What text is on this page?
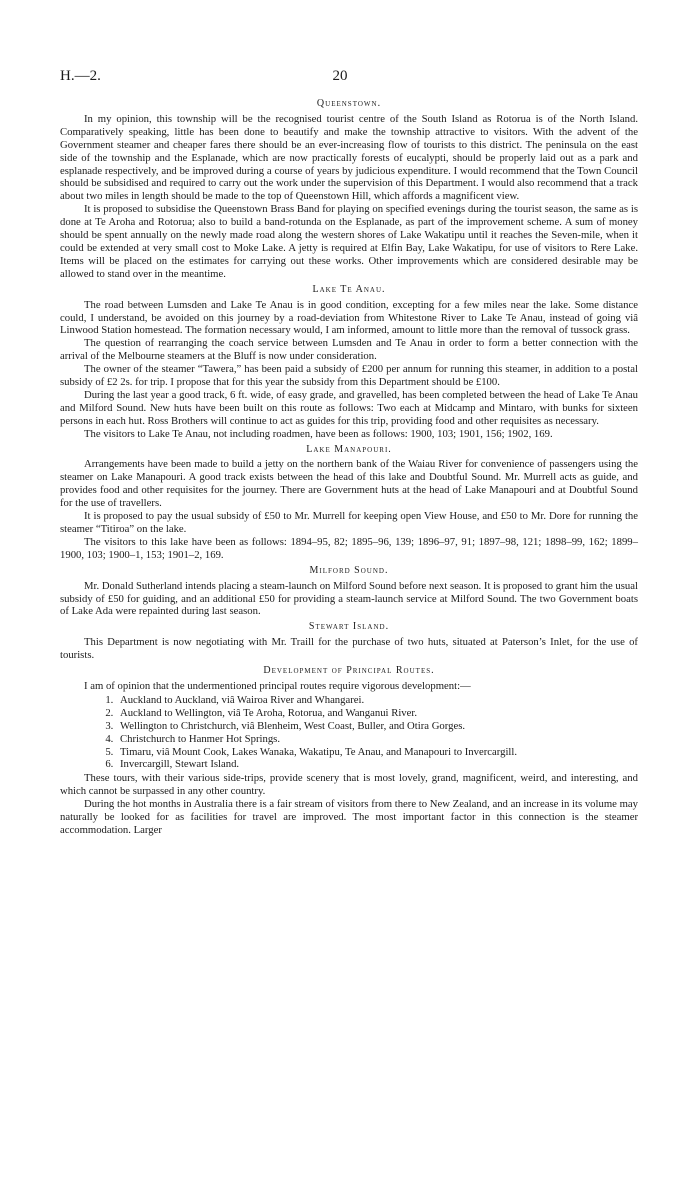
H.—2.	20
Queenstown.

In my opinion, this township will be the recognised tourist centre of the South Island as Rotorua is of the North Island. Comparatively speaking, little has been done to beautify and make the township attractive to visitors. With the advent of the Government steamer and cheaper fares there should be an ever-increasing flow of tourists to this district. The peninsula on the east side of the township and the Esplanade, which are now practically forests of eucalypti, should be properly laid out as a park and esplanade respectively, and be improved during a course of years by judicious expenditure. I would recommend that the Town Council should be subsidised and required to carry out the work under the supervision of this Department. I would also recommend that a track about two miles in length should be made to the top of Queenstown Hill, which affords a magnificent view.

It is proposed to subsidise the Queenstown Brass Band for playing on specified evenings during the tourist season, the same as is done at Te Aroha and Rotorua; also to build a band-rotunda on the Esplanade, as part of the improvement scheme. A sum of money should be spent annually on the newly made road along the western shores of Lake Wakatipu until it reaches the Seven-mile, when it could be extended at very small cost to Moke Lake. A jetty is required at Elfin Bay, Lake Wakatipu, for use of visitors to Rere Lake. Items will be placed on the estimates for carrying out these works. Other improvements which are considered desirable may be allowed to stand over in the meantime.

Lake Te Anau.

The road between Lumsden and Lake Te Anau is in good condition, excepting for a few miles near the lake. Some distance could, I understand, be avoided on this journey by a road-deviation from Whitestone River to Lake Te Anau, instead of going viâ Linwood Station homestead. The formation necessary would, I am informed, amount to little more than the removal of tussock grass.

The question of rearranging the coach service between Lumsden and Te Anau in order to form a better connection with the arrival of the Melbourne steamers at the Bluff is now under consideration.

The owner of the steamer “Tawera,” has been paid a subsidy of £200 per annum for running this steamer, in addition to a postal subsidy of £2 2s. for trip. I propose that for this year the subsidy from this Department should be £100.

During the last year a good track, 6 ft. wide, of easy grade, and gravelled, has been completed between the head of Lake Te Anau and Milford Sound. New huts have been built on this route as follows: Two each at Midcamp and Mintaro, with bunks for sixteen persons in each hut. Ross Brothers will continue to act as guides for this trip, providing food and other requisites as necessary.

The visitors to Lake Te Anau, not including roadmen, have been as follows: 1900, 103; 1901, 156; 1902, 169.

Lake Manapouri.

Arrangements have been made to build a jetty on the northern bank of the Waiau River for convenience of passengers using the steamer on Lake Manapouri. A good track exists between the head of this lake and Doubtful Sound. Mr. Murrell acts as guide, and provides food and other requisites for the journey. There are Government huts at the head of Lake Manapouri and at Doubtful Sound for the use of travellers.

It is proposed to pay the usual subsidy of £50 to Mr. Murrell for keeping open View House, and £50 to Mr. Dore for running the steamer “Titiroa” on the lake.

The visitors to this lake have been as follows: 1894–95, 82; 1895–96, 139; 1896–97, 91; 1897–98, 121; 1898–99, 162; 1899–1900, 103; 1900–1, 153; 1901–2, 169.

Milford Sound.

Mr. Donald Sutherland intends placing a steam-launch on Milford Sound before next season. It is proposed to grant him the usual subsidy of £50 for guiding, and an additional £50 for providing a steam-launch service at Milford Sound. The two Government boats of Lake Ada were repainted during last season.

Stewart Island.

This Department is now negotiating with Mr. Traill for the purchase of two huts, situated at Paterson’s Inlet, for the use of tourists.

Development of Principal Routes.

I am of opinion that the undermentioned principal routes require vigorous development:—

1. Auckland to Auckland, viâ Wairoa River and Whangarei.
2. Auckland to Wellington, viâ Te Aroha, Rotorua, and Wanganui River.
3. Wellington to Christchurch, viâ Blenheim, West Coast, Buller, and Otira Gorges.
4. Christchurch to Hanmer Hot Springs.
5. Timaru, viâ Mount Cook, Lakes Wanaka, Wakatipu, Te Anau, and Manapouri to Invercargill.
6. Invercargill, Stewart Island.

These tours, with their various side-trips, provide scenery that is most lovely, grand, magnificent, weird, and interesting, and which cannot be surpassed in any other country.

During the hot months in Australia there is a fair stream of visitors from there to New Zealand, and an increase in its volume may naturally be looked for as facilities for travel are improved. The most important factor in this connection is the steamer accommodation. Larger
